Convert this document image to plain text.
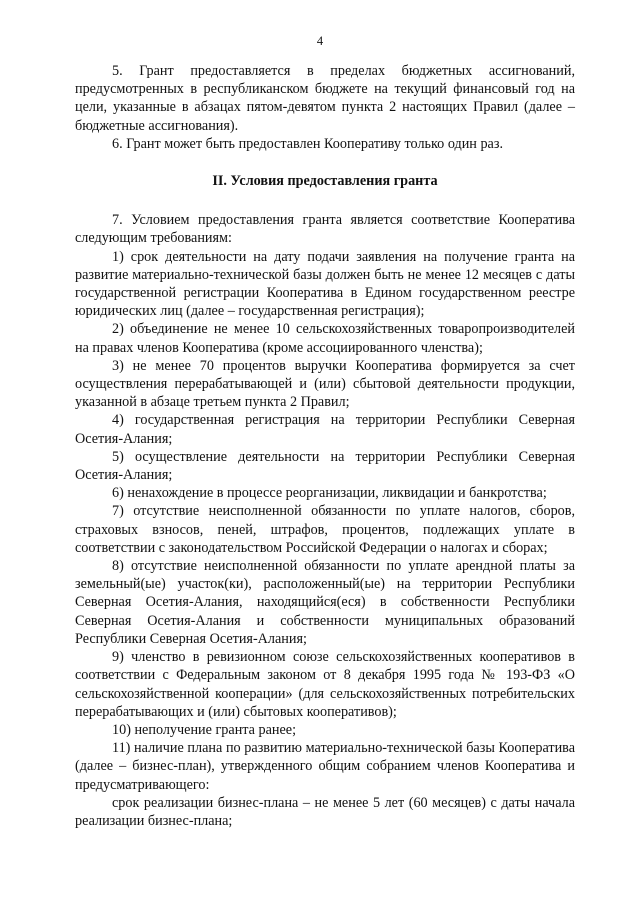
4

5. Грант предоставляется в пределах бюджетных ассигнований, предусмотренных в республиканском бюджете на текущий финансовый год на цели, указанные в абзацах пятом-девятом пункта 2 настоящих Правил (далее – бюджетные ассигнования).

6. Грант может быть предоставлен Кооперативу только один раз.

II. Условия предоставления гранта

7. Условием предоставления гранта является соответствие Кооператива следующим требованиям:

1) срок деятельности на дату подачи заявления на получение гранта на развитие материально-технической базы должен быть не менее 12 месяцев с даты государственной регистрации Кооператива в Едином государственном реестре юридических лиц (далее – государственная регистрация);

2) объединение не менее 10 сельскохозяйственных товаропроизводителей на правах членов Кооператива (кроме ассоциированного членства);

3) не менее 70 процентов выручки Кооператива формируется за счет осуществления перерабатывающей и (или) сбытовой деятельности продукции, указанной в абзаце третьем пункта 2 Правил;

4) государственная регистрация на территории Республики Северная Осетия-Алания;

5) осуществление деятельности на территории Республики Северная Осетия-Алания;

6) ненахождение в процессе реорганизации, ликвидации и банкротства;

7) отсутствие неисполненной обязанности по уплате налогов, сборов, страховых взносов, пеней, штрафов, процентов, подлежащих уплате в соответствии с законодательством Российской Федерации о налогах и сборах;

8) отсутствие неисполненной обязанности по уплате арендной платы за земельный(ые) участок(ки), расположенный(ые) на территории Республики Северная Осетия-Алания, находящийся(еся) в собственности Республики Северная Осетия-Алания и собственности муниципальных образований Республики Северная Осетия-Алания;

9) членство в ревизионном союзе сельскохозяйственных кооперативов в соответствии с Федеральным законом от 8 декабря 1995 года № 193-ФЗ «О сельскохозяйственной кооперации» (для сельскохозяйственных потребительских перерабатывающих и (или) сбытовых кооперативов);

10) неполучение гранта ранее;

11) наличие плана по развитию материально-технической базы Кооператива (далее – бизнес-план), утвержденного общим собранием членов Кооператива и предусматривающего:

срок реализации бизнес-плана – не менее 5 лет (60 месяцев) с даты начала реализации бизнес-плана;
